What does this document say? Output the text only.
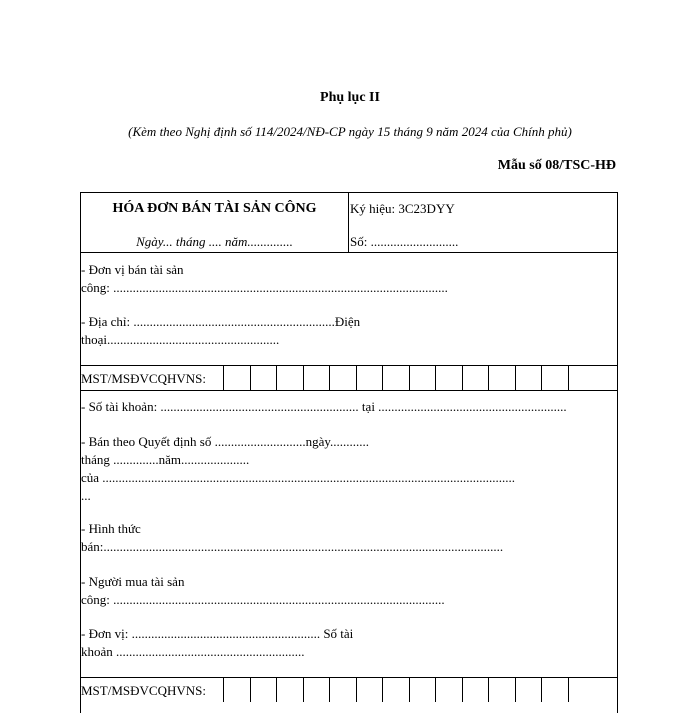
Phụ lục II
(Kèm theo Nghị định số 114/2024/NĐ-CP ngày 15 tháng 9 năm 2024 của Chính phủ)
Mẫu số 08/TSC-HĐ
HÓA ĐƠN BÁN TÀI SẢN CÔNG
Ngày... tháng .... năm..............
Ký hiệu: 3C23DYY
Số: ...........................
- Đơn vị bán tài sản
công: .......................................................................................................
- Địa chỉ: ..............................................................Điện
thoại.....................................................
MST/MSĐVCQHVNS:
- Số tài khoản: ............................................................. tại ..........................................................
- Bán theo Quyết định số ............................ngày............
tháng ..............năm.....................
của ...............................................................................................................................
...
- Hình thức
bán:...........................................................................................................................
- Người mua tài sản
công: ......................................................................................................
- Đơn vị: .......................................................... Số tài
khoản ..........................................................
MST/MSĐVCQHVNS:
